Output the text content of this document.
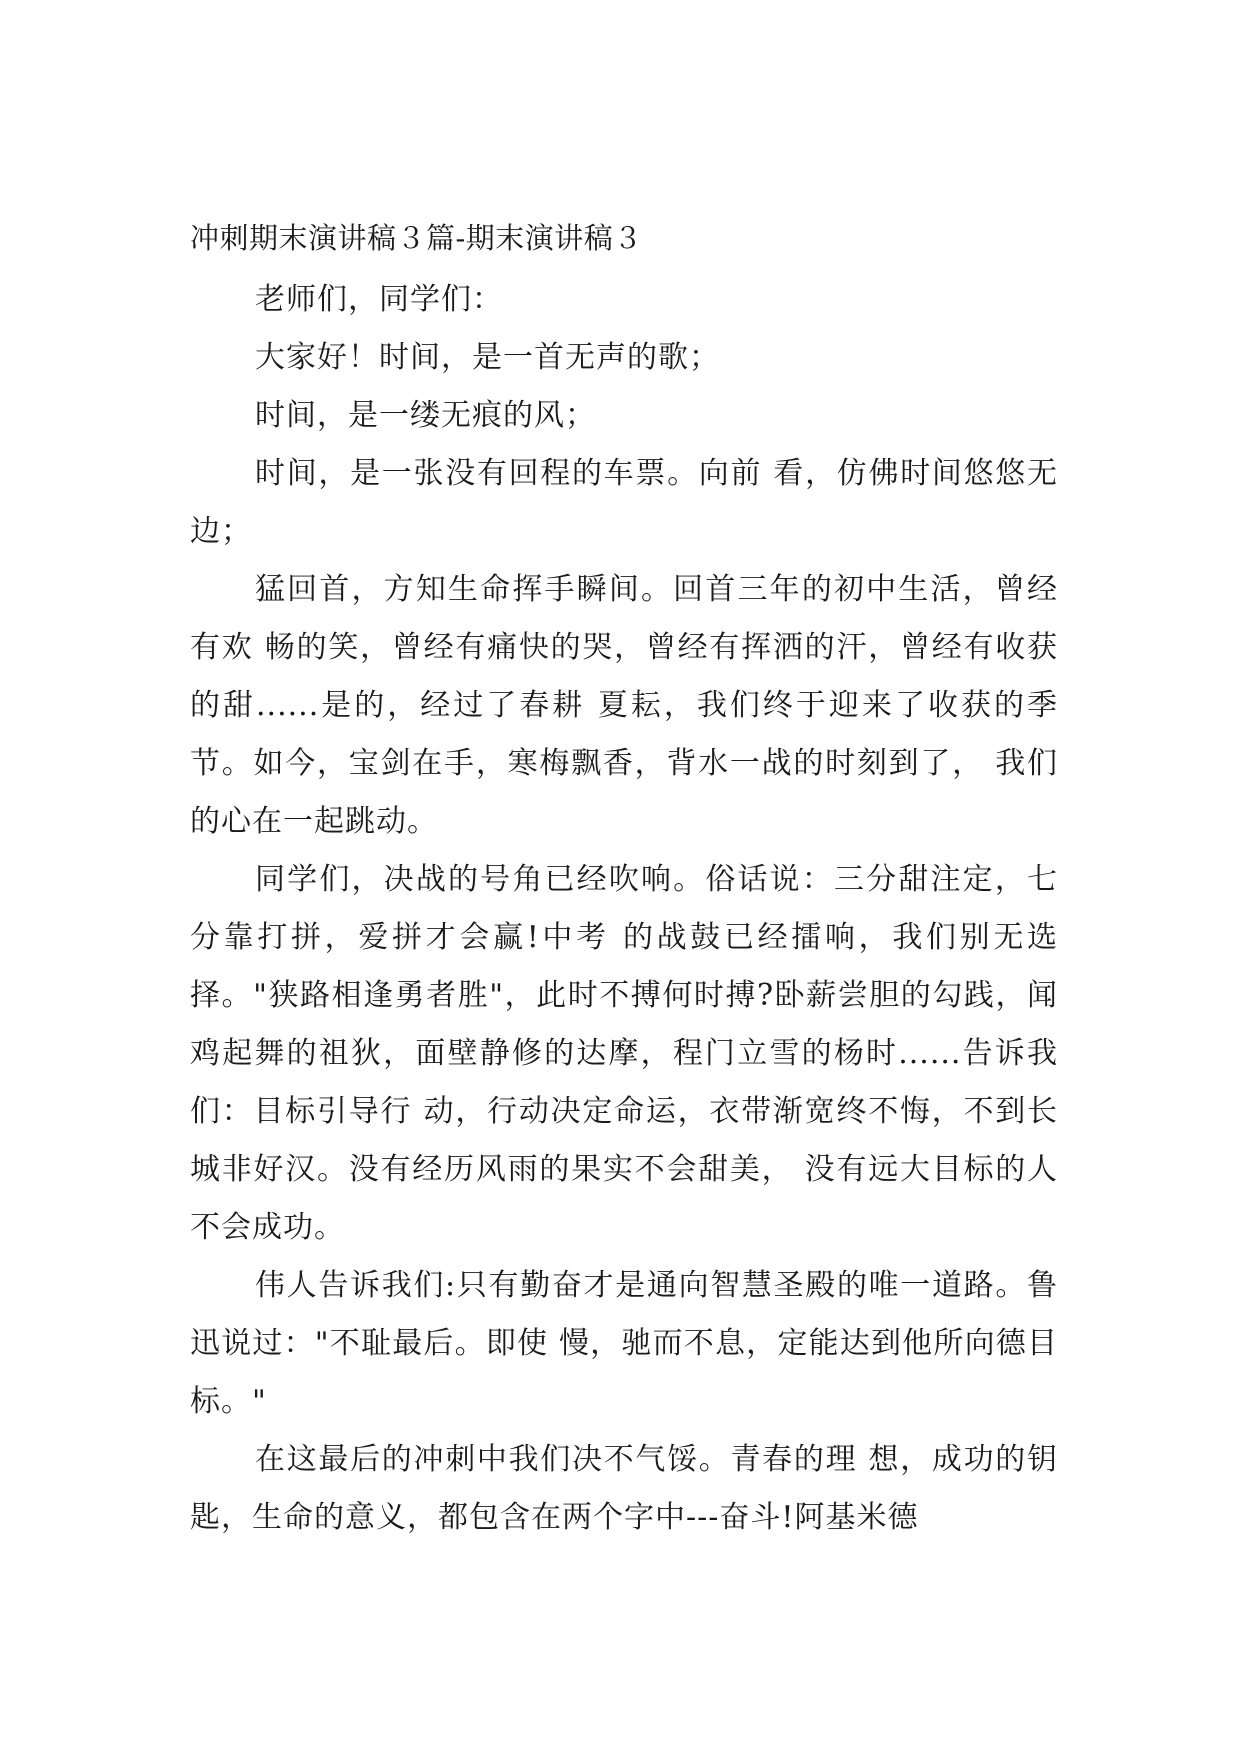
冲刺期末演讲稿３篇-期末演讲稿３

老师们，同学们：

大家好！时间，是一首无声的歌；

时间，是一缕无痕的风；

时间，是一张没有回程的车票。向前 看，仿佛时间悠悠无边；

猛回首，方知生命挥手瞬间。回首三年的初中生活，曾经有欢 畅的笑，曾经有痛快的哭，曾经有挥洒的汗，曾经有收获的甜......是的，经过了春耕 夏耘，我们终于迎来了收获的季节。如今，宝剑在手，寒梅飘香，背水一战的时刻到了， 我们的心在一起跳动。

同学们，决战的号角已经吹响。俗话说：三分甜注定，七分靠打拼，爱拼才会赢!中考 的战鼓已经擂响，我们别无选择。"狭路相逢勇者胜"，此时不搏何时搏?卧薪尝胆的勾践，闻鸡起舞的祖狄，面壁静修的达摩，程门立雪的杨时......告诉我们：目标引导行 动，行动决定命运，衣带渐宽终不悔，不到长城非好汉。没有经历风雨的果实不会甜美， 没有远大目标的人不会成功。

伟人告诉我们:只有勤奋才是通向智慧圣殿的唯一道路。鲁迅说过："不耻最后。即使 慢，驰而不息，定能达到他所向德目标。"

在这最后的冲刺中我们决不气馁。青春的理 想，成功的钥匙，生命的意义，都包含在两个字中---奋斗!阿基米德
